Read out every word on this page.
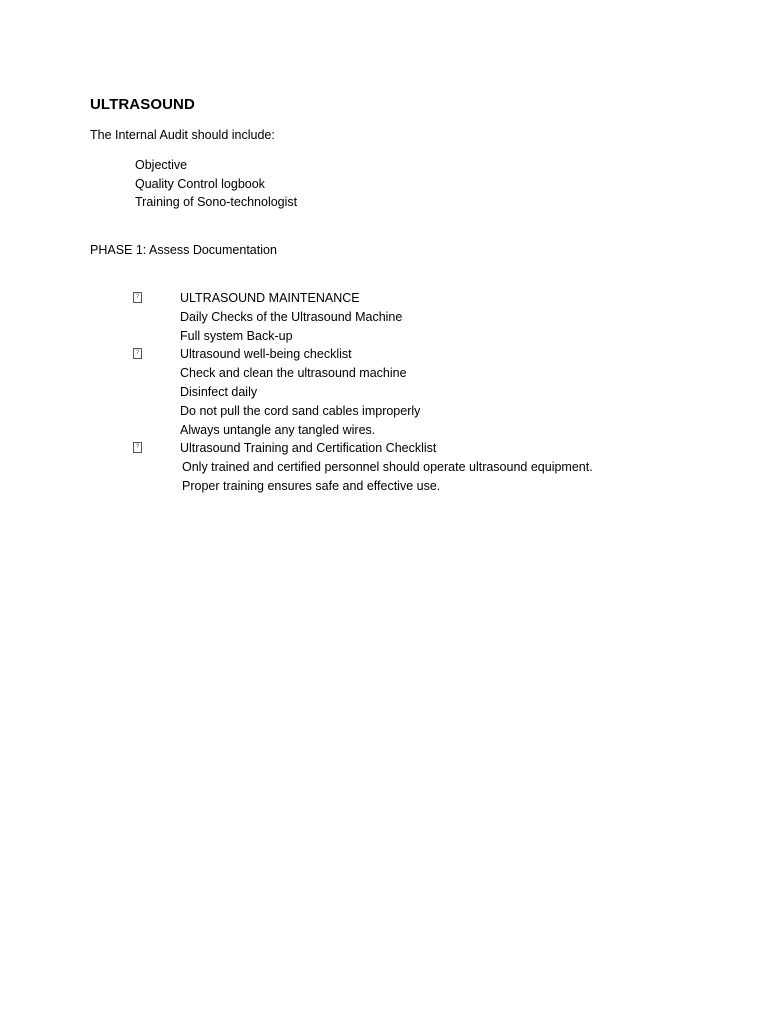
ULTRASOUND

The Internal Audit should include:

Objective
Quality Control logbook
Training of Sono-technologist

PHASE 1: Assess Documentation

?	ULTRASOUND MAINTENANCE
Daily Checks of the Ultrasound Machine
Full system Back-up
?	Ultrasound well-being checklist
Check and clean the ultrasound machine
Disinfect daily
Do not pull the cord sand cables improperly
Always untangle any tangled wires.
?	Ultrasound Training and Certification Checklist
Only trained and certified personnel should operate ultrasound equipment.
Proper training ensures safe and effective use.
